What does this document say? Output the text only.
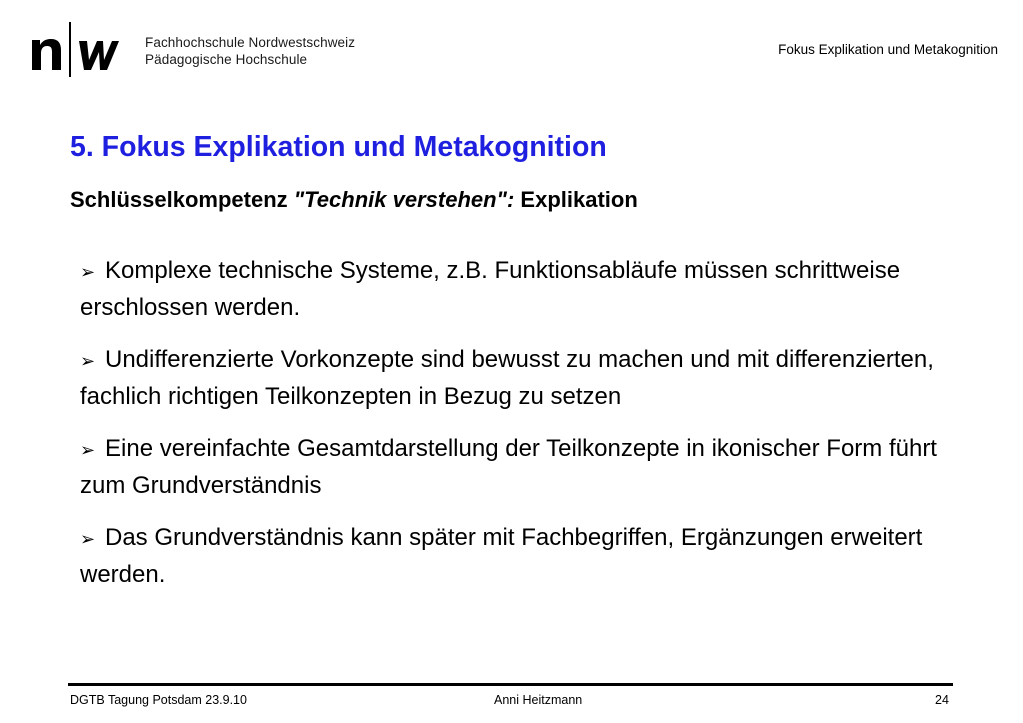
Fachhochschule Nordwestschweiz
Pädagogische Hochschule
Fokus Explikation und Metakognition
5. Fokus Explikation und Metakognition
Schlüsselkompetenz "Technik verstehen": Explikation
➢ Komplexe technische Systeme, z.B. Funktionsabläufe müssen schrittweise erschlossen werden.
➢ Undifferenzierte Vorkonzepte sind bewusst zu machen und mit differenzierten, fachlich richtigen Teilkonzepten in Bezug zu setzen
➢ Eine vereinfachte Gesamtdarstellung der Teilkonzepte in ikonischer Form führt zum Grundverständnis
➢ Das Grundverständnis kann später mit Fachbegriffen, Ergänzungen erweitert werden.
DGTB Tagung Potsdam 23.9.10	Anni Heitzmann	24
